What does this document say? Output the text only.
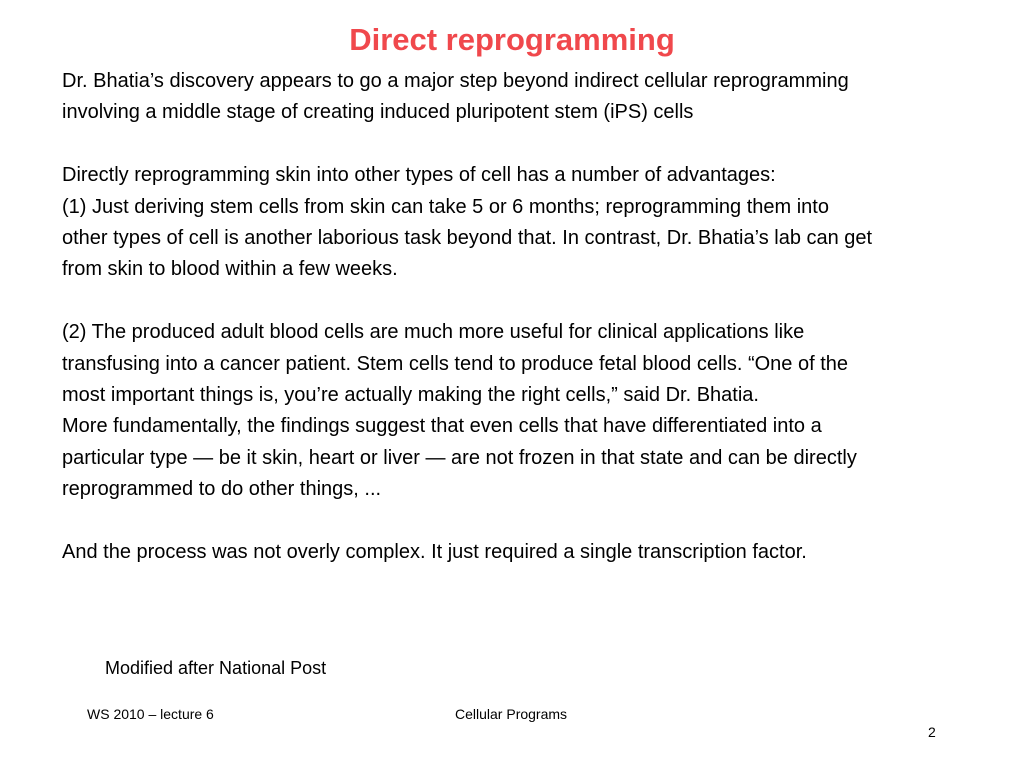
Direct reprogramming
Dr. Bhatia’s discovery appears to go a major step beyond indirect cellular reprogramming
involving a middle stage of creating induced pluripotent stem (iPS) cells
Directly reprogramming skin into other types of cell has a number of advantages:
(1) Just deriving stem cells from skin can take 5 or 6 months; reprogramming them into
other types of cell is another laborious task beyond that. In contrast, Dr. Bhatia’s lab can get
from skin to blood within a few weeks.
(2) The produced adult blood cells are much more useful for clinical applications like
transfusing into a cancer patient. Stem cells tend to produce fetal blood cells. “One of the
most important things is, you’re actually making the right cells,” said Dr. Bhatia.
More fundamentally, the findings suggest that even cells that have differentiated into a
particular type — be it skin, heart or liver — are not frozen in that state and can be directly
reprogrammed to do other things, ...
And the process was not overly complex. It just required a single transcription factor.
Modified after National Post
WS 2010 – lecture 6	Cellular Programs
2
